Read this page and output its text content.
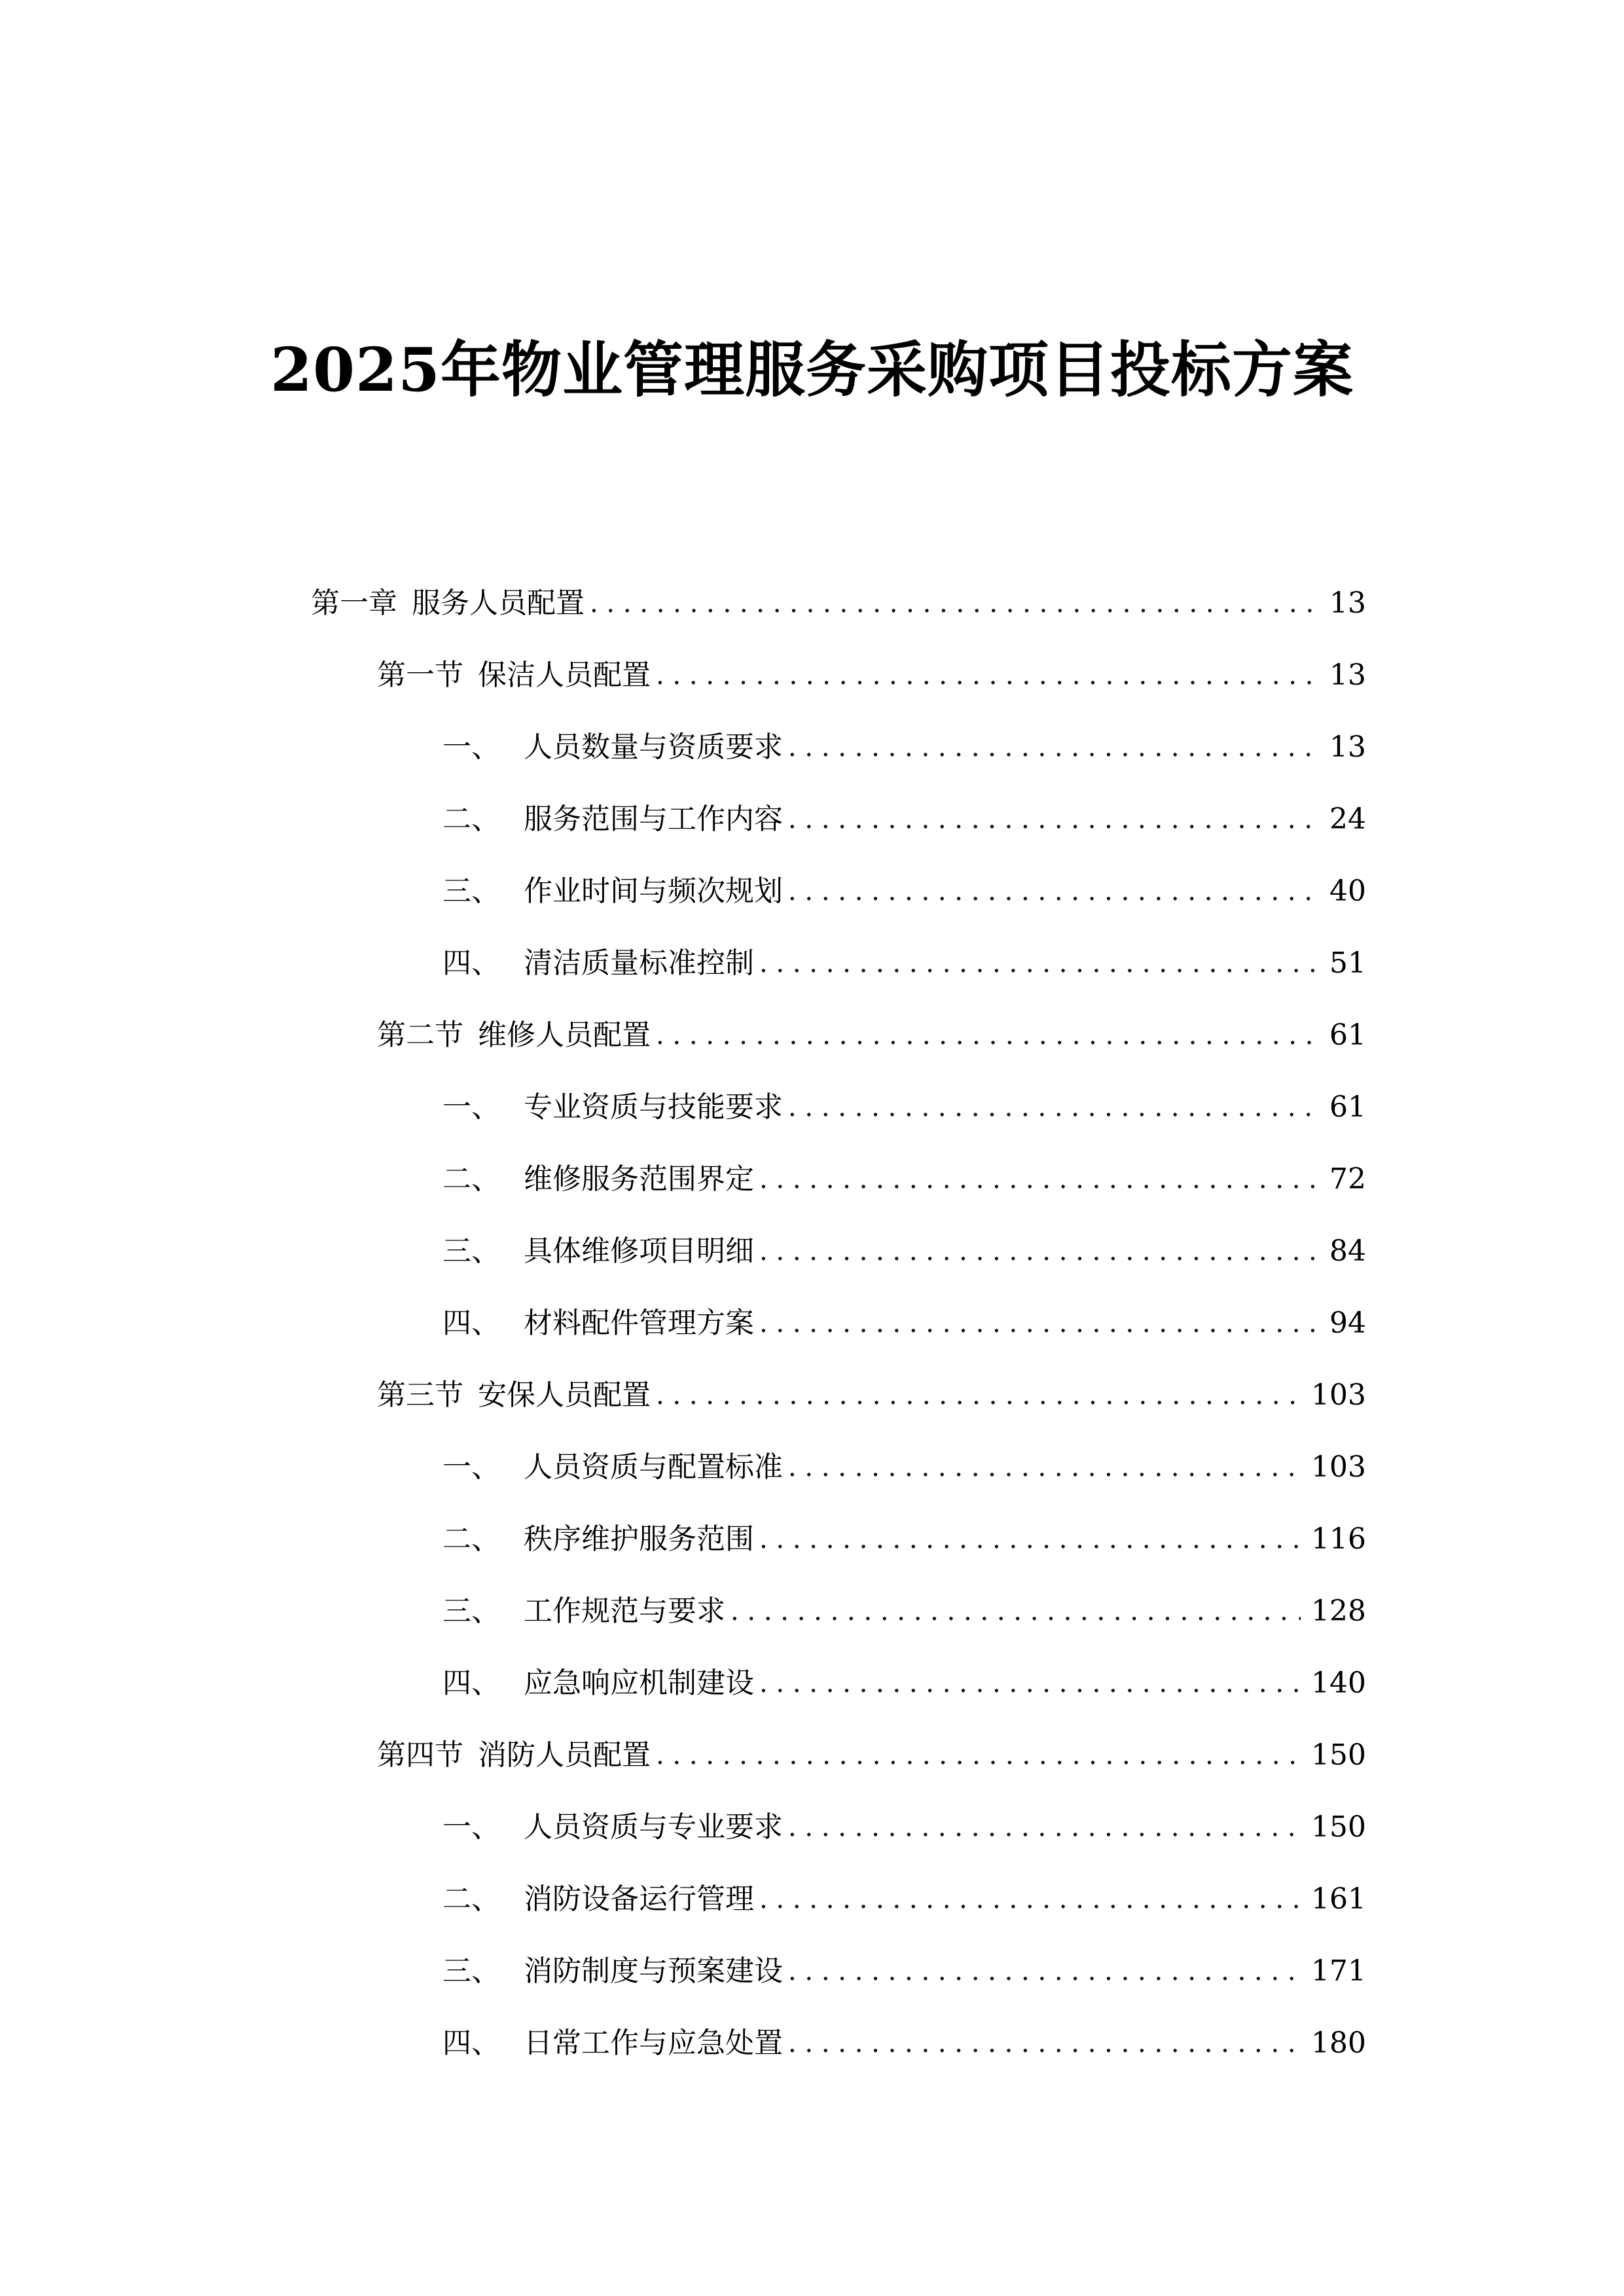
2025年物业管理服务采购项目投标方案
第一章 服务人员配置 . . .	13
第一节 保洁人员配置 . . .	13
一、 人员数量与资质要求 . . .	13
二、 服务范围与工作内容 . . .	24
三、 作业时间与频次规划 . . .	40
四、 清洁质量标准控制 . . .	51
第二节 维修人员配置 . . .	61
一、 专业资质与技能要求 . . .	61
二、 维修服务范围界定 . . .	72
三、 具体维修项目明细 . . .	84
四、 材料配件管理方案 . . .	94
第三节 安保人员配置 . . .	103
一、 人员资质与配置标准 . . .	103
二、 秩序维护服务范围 . . .	116
三、 工作规范与要求 . . .	128
四、 应急响应机制建设 . . .	140
第四节 消防人员配置 . . .	150
一、 人员资质与专业要求 . . .	150
二、 消防设备运行管理 . . .	161
三、 消防制度与预案建设 . . .	171
四、 日常工作与应急处置 . . .	180
